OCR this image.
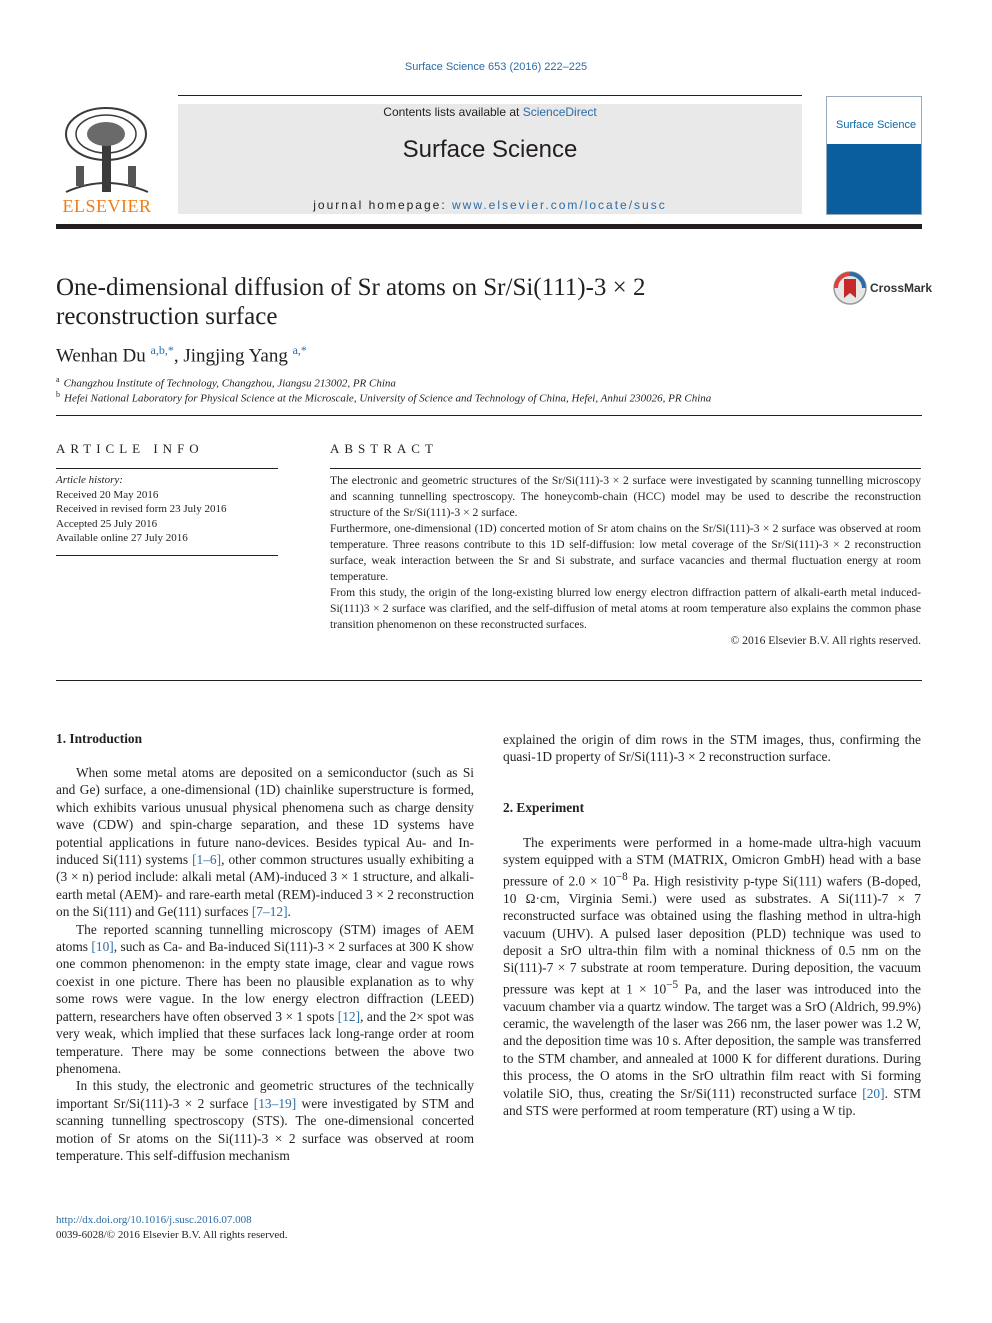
Surface Science 653 (2016) 222–225
ELSEVIER
Contents lists available at ScienceDirect
Surface Science
journal homepage: www.elsevier.com/locate/susc
Surface Science
One-dimensional diffusion of Sr atoms on Sr/Si(111)-3 × 2
reconstruction surface
CrossMark
Wenhan Du $^{a,b,*}$, Jingjing Yang $^{a,*}$
$^a$ Changzhou Institute of Technology, Changzhou, Jiangsu 213002, PR China
$^b$ Hefei National Laboratory for Physical Science at the Microscale, University of Science and Technology of China, Hefei, Anhui 230026, PR China
ARTICLE INFO
Article history:
Received 20 May 2016
Received in revised form 23 July 2016
Accepted 25 July 2016
Available online 27 July 2016
ABSTRACT

The electronic and geometric structures of the Sr/Si(111)-3 × 2 surface were investigated by scanning tunnelling microscopy and scanning tunnelling spectroscopy. The honeycomb-chain (HCC) model may be used to describe the reconstruction structure of the Sr/Si(111)-3 × 2 surface.

Furthermore, one-dimensional (1D) concerted motion of Sr atom chains on the Sr/Si(111)-3 × 2 surface was observed at room temperature. Three reasons contribute to this 1D self-diffusion: low metal coverage of the Sr/Si(111)-3 × 2 reconstruction surface, weak interaction between the Sr and Si substrate, and surface vacancies and thermal fluctuation energy at room temperature.

From this study, the origin of the long-existing blurred low energy electron diffraction pattern of alkali-earth metal induced-Si(111)3 × 2 surface was clarified, and the self-diffusion of metal atoms at room temperature also explains the common phase transition phenomenon on these reconstructed surfaces.

© 2016 Elsevier B.V. All rights reserved.

1. Introduction

When some metal atoms are deposited on a semiconductor (such as Si and Ge) surface, a one-dimensional (1D) chainlike superstructure is formed, which exhibits various unusual physical phenomena such as charge density wave (CDW) and spin-charge separation, and these 1D systems have potential applications in future nano-devices. Besides typical Au- and In-induced Si(111) systems [1–6], other common structures usually exhibiting a (3 × n) period include: alkali metal (AM)-induced 3 × 1 structure, and alkali-earth metal (AEM)- and rare-earth metal (REM)-induced 3 × 2 reconstruction on the Si(111) and Ge(111) surfaces [7–12].

The reported scanning tunnelling microscopy (STM) images of AEM atoms [10], such as Ca- and Ba-induced Si(111)-3 × 2 surfaces at 300 K show one common phenomenon: in the empty state image, clear and vague rows coexist in one picture. There has been no plausible explanation as to why some rows were vague. In the low energy electron diffraction (LEED) pattern, researchers have often observed 3 × 1 spots [12], and the 2× spot was very weak, which implied that these surfaces lack long-range order at room temperature. There may be some connections between the above two phenomena.

In this study, the electronic and geometric structures of the technically important Sr/Si(111)-3 × 2 surface [13–19] were investigated by STM and scanning tunnelling spectroscopy (STS). The one-dimensional concerted motion of Sr atoms on the Si(111)-3 × 2 surface was observed at room temperature. This self-diffusion mechanism

explained the origin of dim rows in the STM images, thus, confirming the quasi-1D property of Sr/Si(111)-3 × 2 reconstruction surface.

2. Experiment

The experiments were performed in a home-made ultra-high vacuum system equipped with a STM (MATRIX, Omicron GmbH) head with a base pressure of $2.0 \times 10^{-8}$ Pa. High resistivity p-type Si(111) wafers (B-doped, 10 Ω·cm, Virginia Semi.) were used as substrates. A Si(111)-7 × 7 reconstructed surface was obtained using the flashing method in ultra-high vacuum (UHV). A pulsed laser deposition (PLD) technique was used to deposit a SrO ultra-thin film with a nominal thickness of 0.5 nm on the Si(111)-7 × 7 substrate at room temperature. During deposition, the vacuum pressure was kept at $1 \times 10^{-5}$ Pa, and the laser was introduced into the vacuum chamber via a quartz window. The target was a SrO (Aldrich, 99.9%) ceramic, the wavelength of the laser was 266 nm, the laser power was 1.2 W, and the deposition time was 10 s. After deposition, the sample was transferred to the STM chamber, and annealed at 1000 K for different durations. During this process, the O atoms in the SrO ultrathin film react with Si forming volatile SiO, thus, creating the Sr/Si(111) reconstructed surface [20]. STM and STS were performed at room temperature (RT) using a W tip.

http://dx.doi.org/10.1016/j.susc.2016.07.008
0039-6028/© 2016 Elsevier B.V. All rights reserved.
